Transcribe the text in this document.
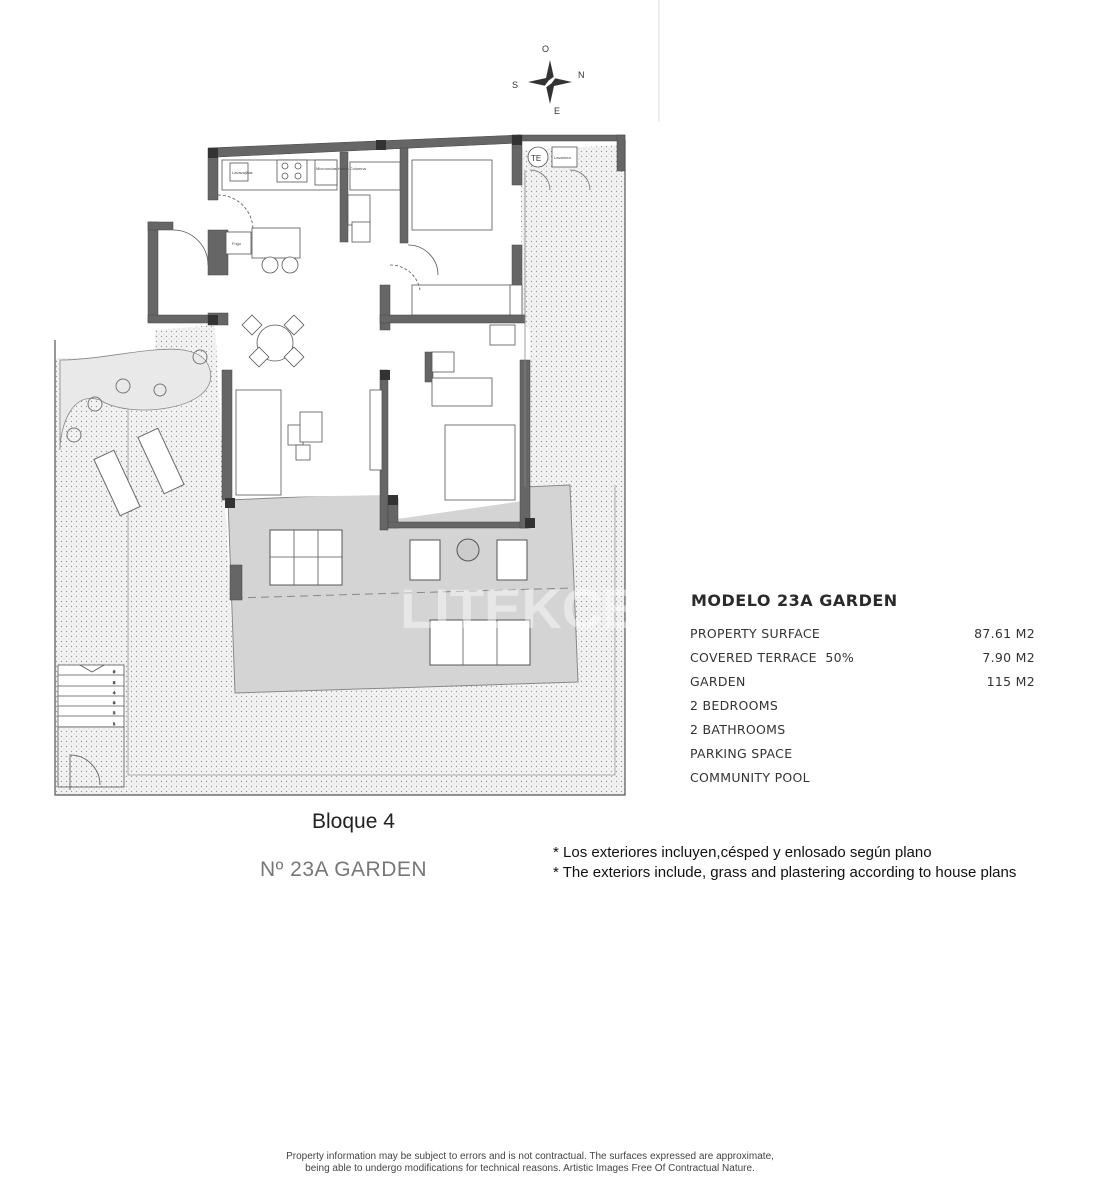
N
S
E
O
1
2
3
4
5
6
LITEKCE
Lavavajillas
Microondas Horno Columna
Frigo
Lavadora
TE
MODELO 23A GARDEN
PROPERTY SURFACE	87.61 M2
COVERED TERRACE  50%	7.90 M2
GARDEN	115 M2
2 BEDROOMS
2 BATHROOMS
PARKING SPACE
COMMUNITY POOL
Bloque 4
Nº 23A GARDEN
* Los exteriores incluyen,césped y enlosado según plano
* The exteriors include, grass and plastering according to house plans
Property information may be subject to errors and is not contractual. The surfaces expressed are approximate,
being able to undergo modifications for technical reasons. Artistic Images Free Of Contractual Nature.
